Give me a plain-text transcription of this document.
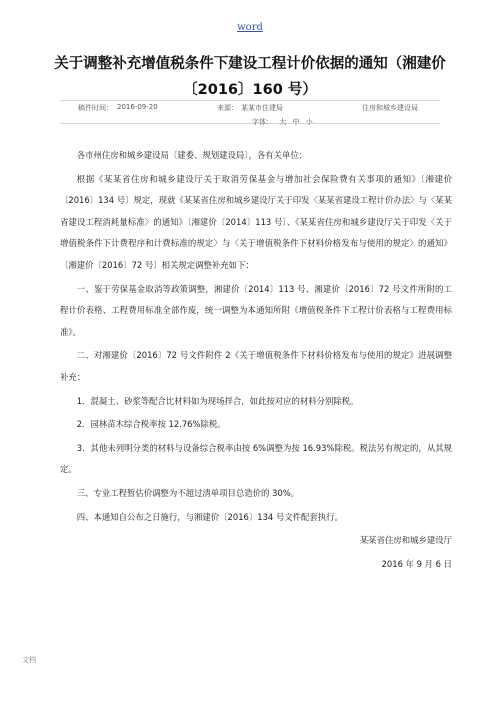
word
关于调整补充增值税条件下建设工程计价依据的通知（湘建价
〔2016〕160 号）
稿件时间： 2016-09-20	来源： 某某市住建局	住房和城乡建设局
字体： 大 中 小

各市州住房和城乡建设局〔建委、规划建设局〕，各有关单位：

根据《某某省住房和城乡建设厅关于取消劳保基金与增加社会保险费有关事项的通知》〔湘建价〔2016〕134 号〕规定，现就《某某省住房和城乡建设厅关于印发〈某某省建设工程计价办法〉与〈某某省建设工程消耗量标准〉的通知》〔湘建价〔2014〕113 号〕、《某某省住房和城乡建设厅关于印发〈关于增值税条件下计费程序和计费标准的规定〉与〈关于增值税条件下材料价格发布与使用的规定〉的通知》〔湘建价〔2016〕72 号〕相关规定调整补充如下：

一、鉴于劳保基金取消等政策调整，湘建价〔2014〕113 号、湘建价〔2016〕72 号文件所附的工程计价表格、工程费用标准全部作废，统一调整为本通知所附《增值税条件下工程计价表格与工程费用标准》。

二、对湘建价〔2016〕72 号文件附件 2《关于增值税条件下材料价格发布与使用的规定》进展调整补充：

1．混凝土、砂浆等配合比材料如为现场拌合，如此按对应的材料分别除税。

2．园林苗木综合税率按 12.76%除税。

3．其他未列明分类的材料与设备综合税率由按 6%调整为按 16.93%除税。税法另有规定的，从其规定。

三、专业工程暂估价调整为不超过清单项目总造价的 30%。

四、本通知自公布之日施行，与湘建价〔2016〕134 号文件配套执行。

某某省住房和城乡建设厅

2016 年 9 月 6 日

文档
